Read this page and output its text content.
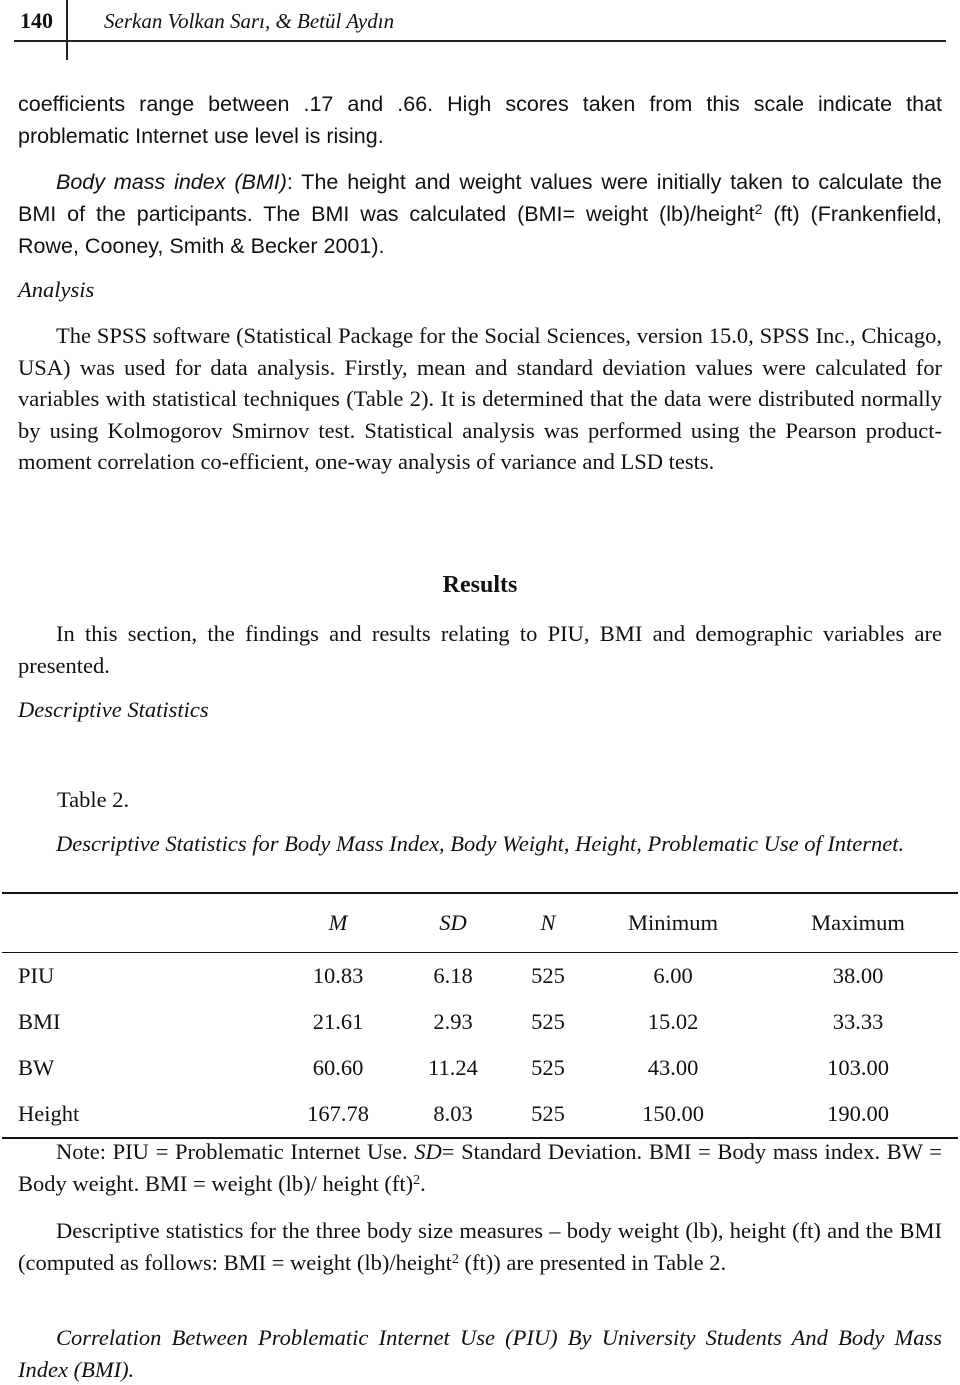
140 Serkan Volkan Sarı, & Betül Aydın
coefficients range between .17 and .66. High scores taken from this scale indicate that problematic Internet use level is rising.
Body mass index (BMI): The height and weight values were initially taken to calculate the BMI of the participants. The BMI was calculated (BMI= weight (lb)/height$^2$ (ft) (Frankenfield, Rowe, Cooney, Smith & Becker 2001).
Analysis
The SPSS software (Statistical Package for the Social Sciences, version 15.0, SPSS Inc., Chicago, USA) was used for data analysis. Firstly, mean and standard deviation values were calculated for variables with statistical techniques (Table 2). It is determined that the data were distributed normally by using Kolmogorov Smirnov test. Statistical analysis was performed using the Pearson product-moment correlation co-efficient, one-way analysis of variance and LSD tests.
Results
In this section, the findings and results relating to PIU, BMI and demographic variables are presented.
Descriptive Statistics
Table 2.
Descriptive Statistics for Body Mass Index, Body Weight, Height, Problematic Use of Internet.
	M	SD	N	Minimum	Maximum
PIU	10.83	6.18	525	6.00	38.00
BMI	21.61	2.93	525	15.02	33.33
BW	60.60	11.24	525	43.00	103.00
Height	167.78	8.03	525	150.00	190.00
Note: PIU = Problematic Internet Use. SD= Standard Deviation. BMI = Body mass index. BW = Body weight. BMI = weight (lb)/ height (ft)$^2$.
Descriptive statistics for the three body size measures – body weight (lb), height (ft) and the BMI (computed as follows: BMI = weight (lb)/height$^2$ (ft)) are presented in Table 2.
Correlation Between Problematic Internet Use (PIU) By University Students And Body Mass Index (BMI).
